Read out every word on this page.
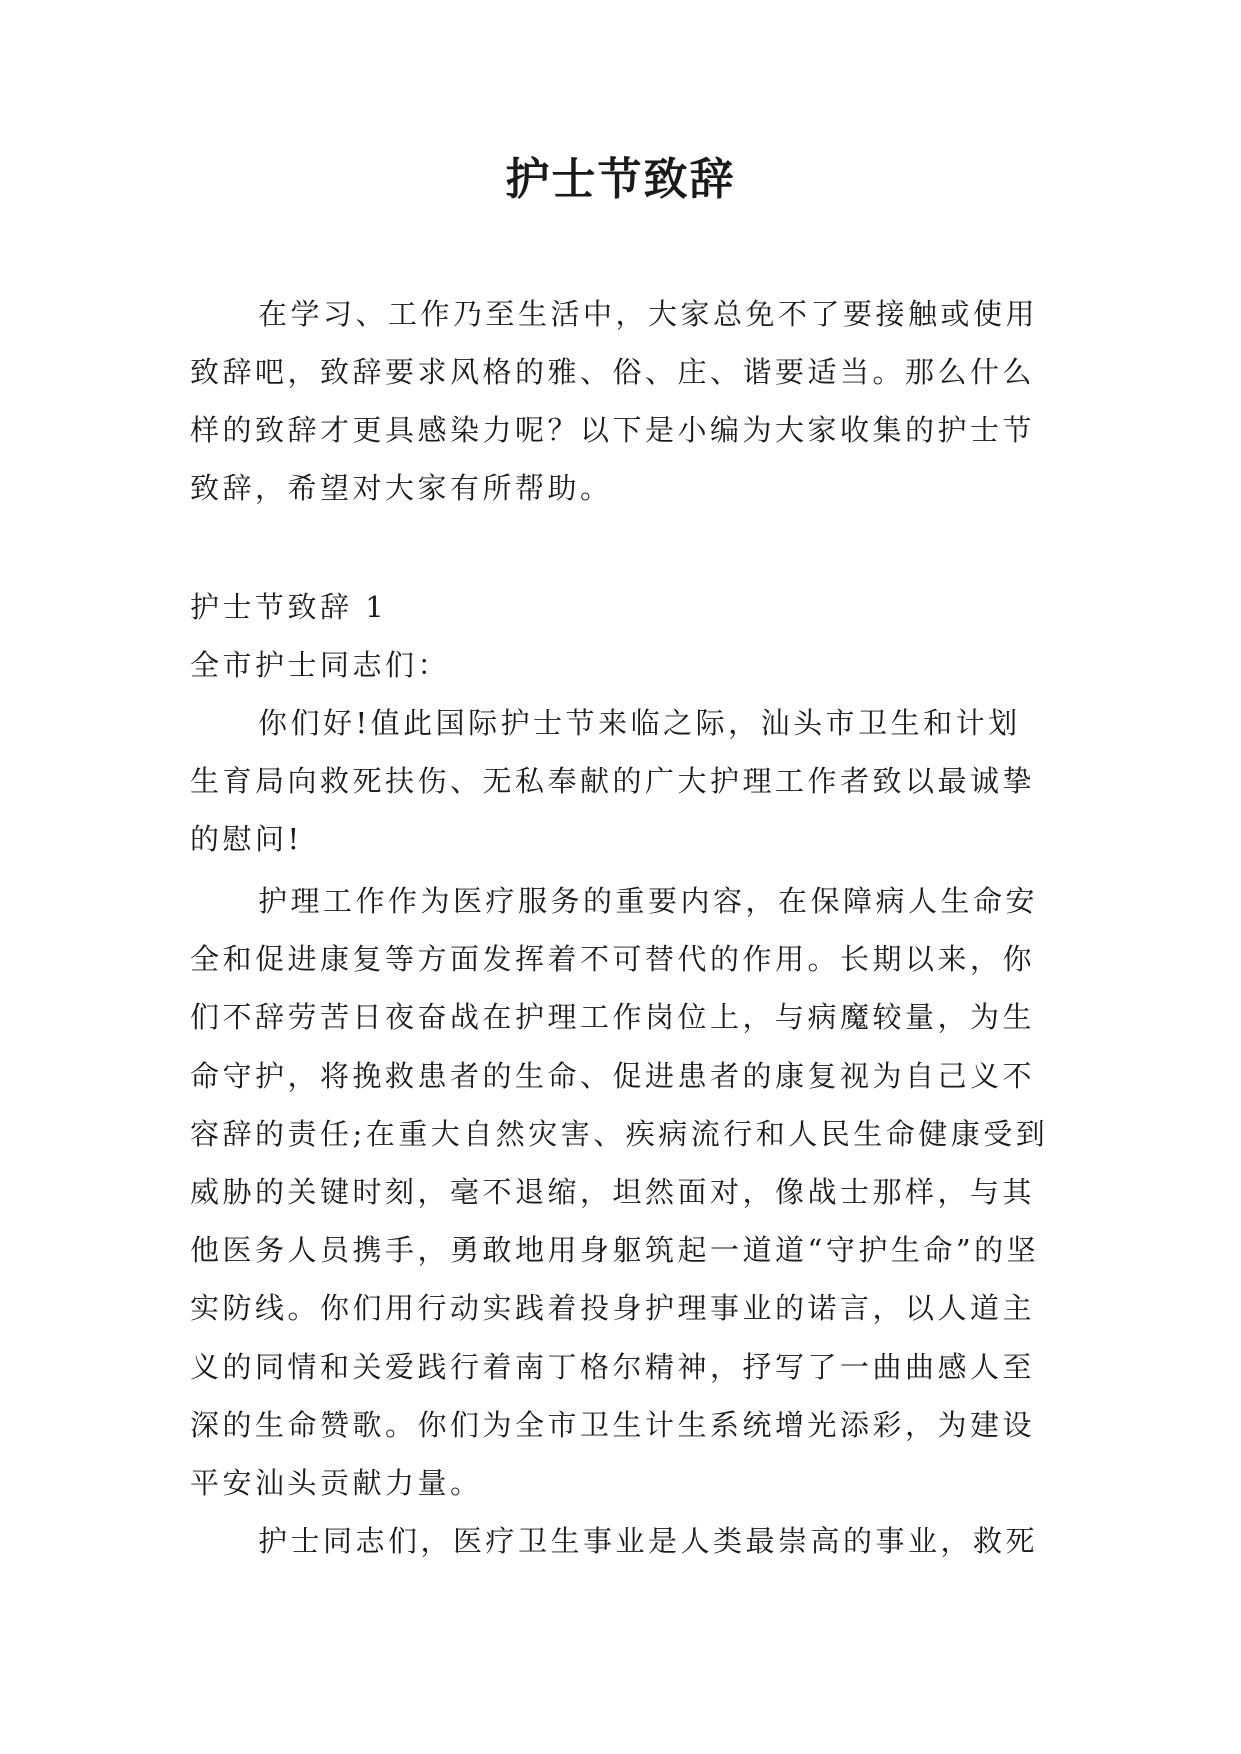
护士节致辞

在学习、工作乃至生活中，大家总免不了要接触或使用致辞吧，致辞要求风格的雅、俗、庄、谐要适当。那么什么样的致辞才更具感染力呢？以下是小编为大家收集的护士节致辞，希望对大家有所帮助。

护士节致辞 1

全市护士同志们：

你们好!值此国际护士节来临之际，汕头市卫生和计划生育局向救死扶伤、无私奉献的广大护理工作者致以最诚挚的慰问!

护理工作作为医疗服务的重要内容，在保障病人生命安全和促进康复等方面发挥着不可替代的作用。长期以来，你们不辞劳苦日夜奋战在护理工作岗位上，与病魔较量，为生命守护，将挽救患者的生命、促进患者的康复视为自己义不容辞的责任;在重大自然灾害、疾病流行和人民生命健康受到威胁的关键时刻，毫不退缩，坦然面对，像战士那样，与其他医务人员携手，勇敢地用身躯筑起一道道“守护生命”的坚实防线。你们用行动实践着投身护理事业的诺言，以人道主义的同情和关爱践行着南丁格尔精神，抒写了一曲曲感人至深的生命赞歌。你们为全市卫生计生系统增光添彩，为建设平安汕头贡献力量。

护士同志们，医疗卫生事业是人类最崇高的事业，救死
